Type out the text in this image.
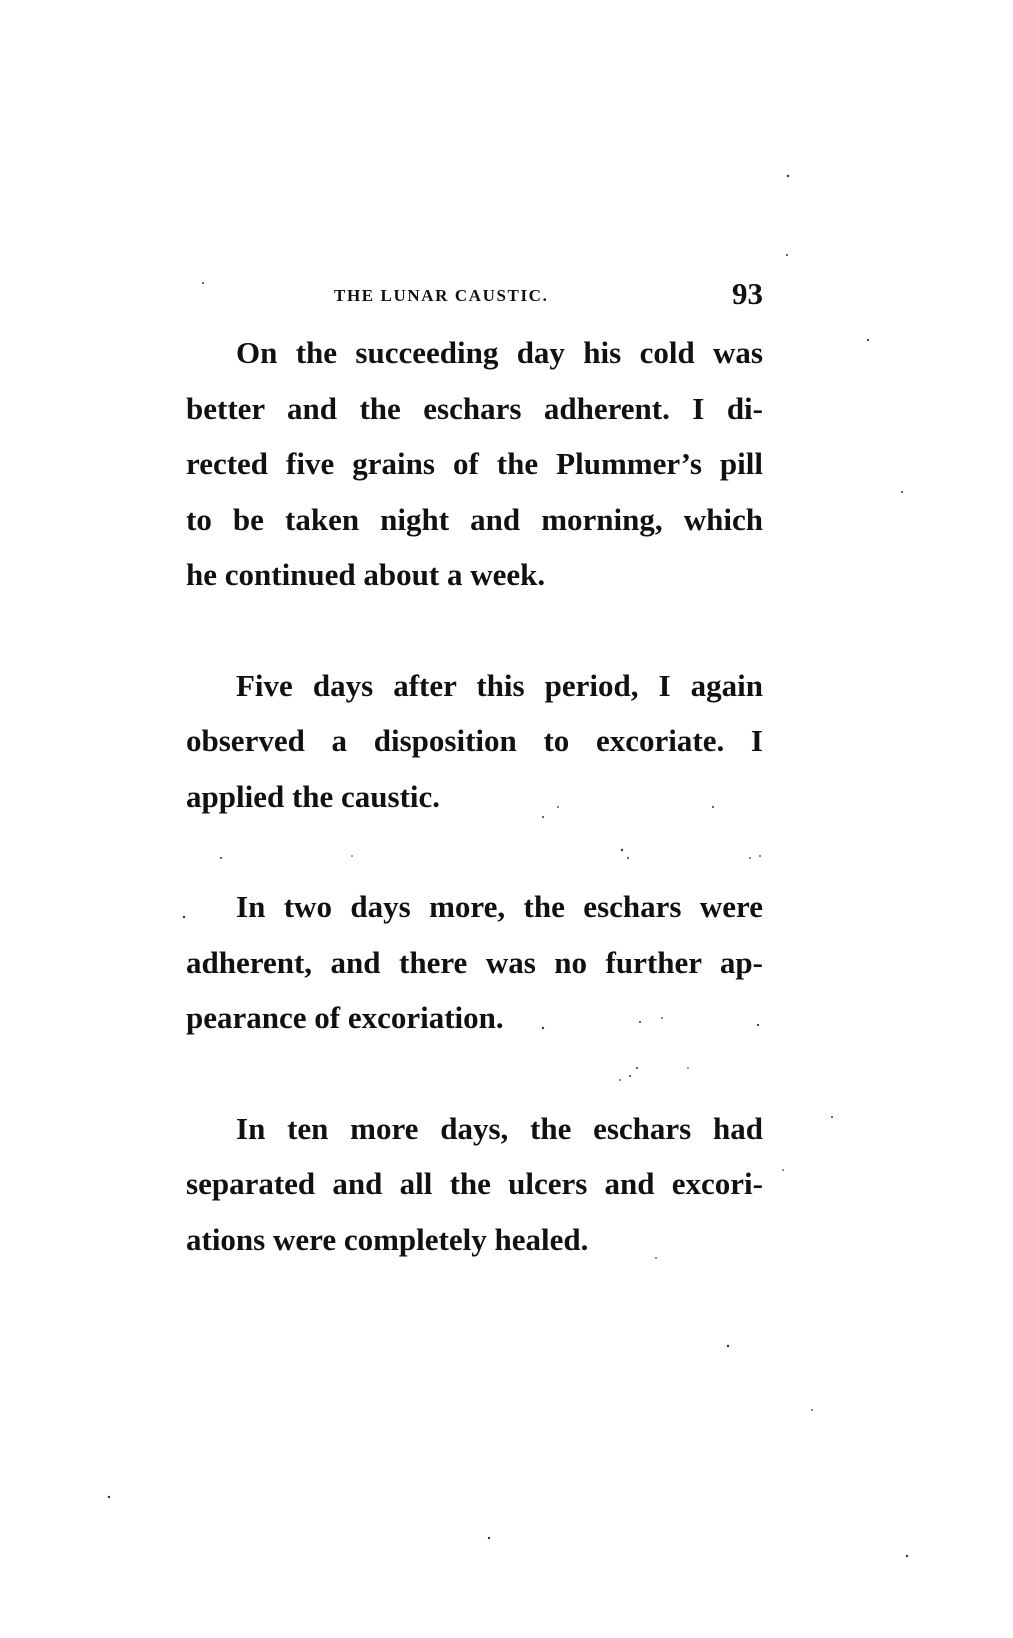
THE LUNAR CAUSTIC.	93

On the succeeding day his cold was
better and the eschars adherent. I di-
rected five grains of the Plummer’s pill
to be taken night and morning, which
he continued about a week.

Five days after this period, I again
observed a disposition to excoriate. I
applied the caustic.

In two days more, the eschars were
adherent, and there was no further ap-
pearance of excoriation.

In ten more days, the eschars had
separated and all the ulcers and excori-
ations were completely healed.
